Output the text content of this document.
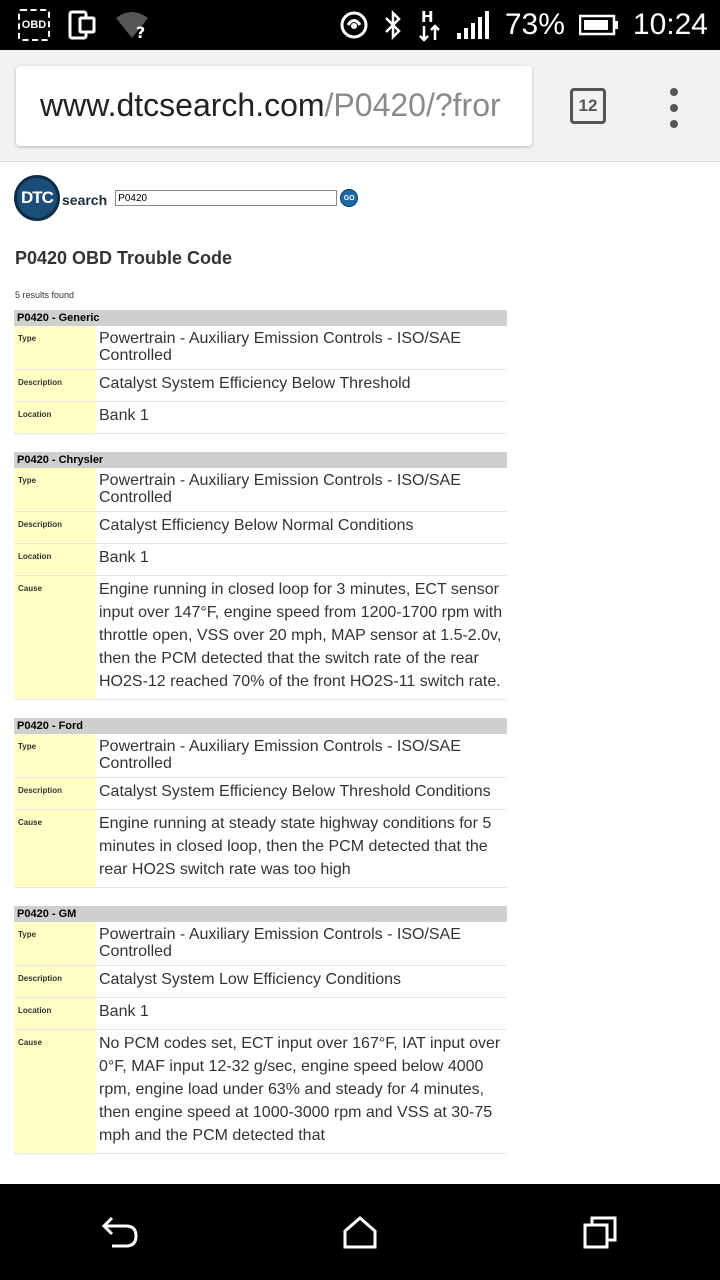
OBD	?
H 73% 10:24
www.dtcsearch.com/P0420/?fror	12
DTC search
P0420	GO
P0420 OBD Trouble Code
5 results found
P0420 - Generic
Type	Powertrain - Auxiliary Emission Controls - ISO/SAE Controlled
Description	Catalyst System Efficiency Below Threshold
Location	Bank 1
P0420 - Chrysler
Type	Powertrain - Auxiliary Emission Controls - ISO/SAE Controlled
Description	Catalyst Efficiency Below Normal Conditions
Location	Bank 1
Cause	Engine running in closed loop for 3 minutes, ECT sensor input over 147°F, engine speed from 1200-1700 rpm with throttle open, VSS over 20 mph, MAP sensor at 1.5-2.0v, then the PCM detected that the switch rate of the rear HO2S-12 reached 70% of the front HO2S-11 switch rate.
P0420 - Ford
Type	Powertrain - Auxiliary Emission Controls - ISO/SAE Controlled
Description	Catalyst System Efficiency Below Threshold Conditions
Cause	Engine running at steady state highway conditions for 5 minutes in closed loop, then the PCM detected that the rear HO2S switch rate was too high
P0420 - GM
Type	Powertrain - Auxiliary Emission Controls - ISO/SAE Controlled
Description	Catalyst System Low Efficiency Conditions
Location	Bank 1
Cause	No PCM codes set, ECT input over 167°F, IAT input over 0°F, MAF input 12-32 g/sec, engine speed below 4000 rpm, engine load under 63% and steady for 4 minutes, then engine speed at 1000-3000 rpm and VSS at 30-75 mph and the PCM detected that
